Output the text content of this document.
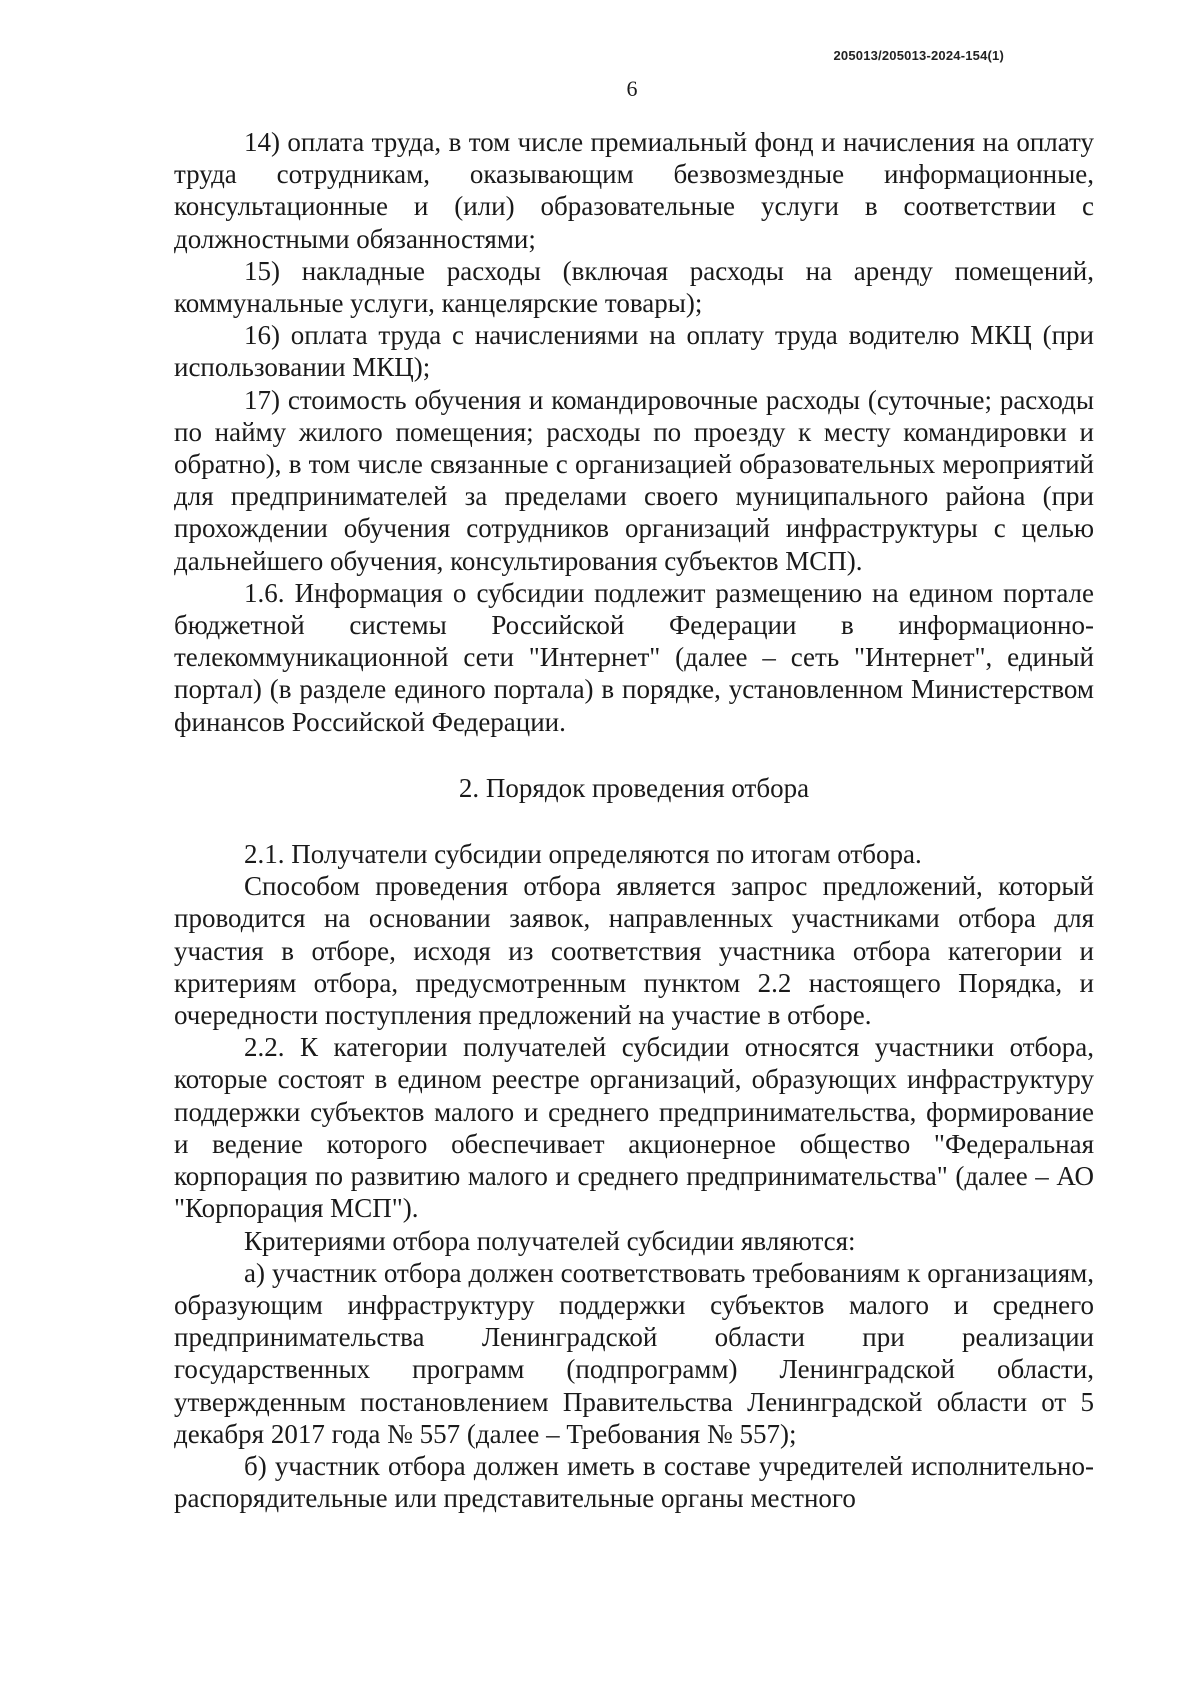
205013/205013-2024-154(1)
6

14) оплата труда, в том числе премиальный фонд и начисления на оплату труда сотрудникам, оказывающим безвозмездные информационные, консультационные и (или) образовательные услуги в соответствии с должностными обязанностями;

15) накладные расходы (включая расходы на аренду помещений, коммунальные услуги, канцелярские товары);

16) оплата труда с начислениями на оплату труда водителю МКЦ (при использовании МКЦ);

17) стоимость обучения и командировочные расходы (суточные; расходы по найму жилого помещения; расходы по проезду к месту командировки и обратно), в том числе связанные с организацией образовательных мероприятий для предпринимателей за пределами своего муниципального района (при прохождении обучения сотрудников организаций инфраструктуры с целью дальнейшего обучения, консультирования субъектов МСП).

1.6. Информация о субсидии подлежит размещению на едином портале бюджетной системы Российской Федерации в информационно-телекоммуникационной сети "Интернет" (далее – сеть "Интернет", единый портал) (в разделе единого портала) в порядке, установленном Министерством финансов Российской Федерации.

2. Порядок проведения отбора

2.1. Получатели субсидии определяются по итогам отбора.

Способом проведения отбора является запрос предложений, который проводится на основании заявок, направленных участниками отбора для участия в отборе, исходя из соответствия участника отбора категории и критериям отбора, предусмотренным пунктом 2.2 настоящего Порядка, и очередности поступления предложений на участие в отборе.

2.2. К категории получателей субсидии относятся участники отбора, которые состоят в едином реестре организаций, образующих инфраструктуру поддержки субъектов малого и среднего предпринимательства, формирование и ведение которого обеспечивает акционерное общество "Федеральная корпорация по развитию малого и среднего предпринимательства" (далее – АО "Корпорация МСП").

Критериями отбора получателей субсидии являются:

а) участник отбора должен соответствовать требованиям к организациям, образующим инфраструктуру поддержки субъектов малого и среднего предпринимательства Ленинградской области при реализации государственных программ (подпрограмм) Ленинградской области, утвержденным постановлением Правительства Ленинградской области от 5 декабря 2017 года № 557 (далее – Требования № 557);

б) участник отбора должен иметь в составе учредителей исполнительно-распорядительные или представительные органы местного
